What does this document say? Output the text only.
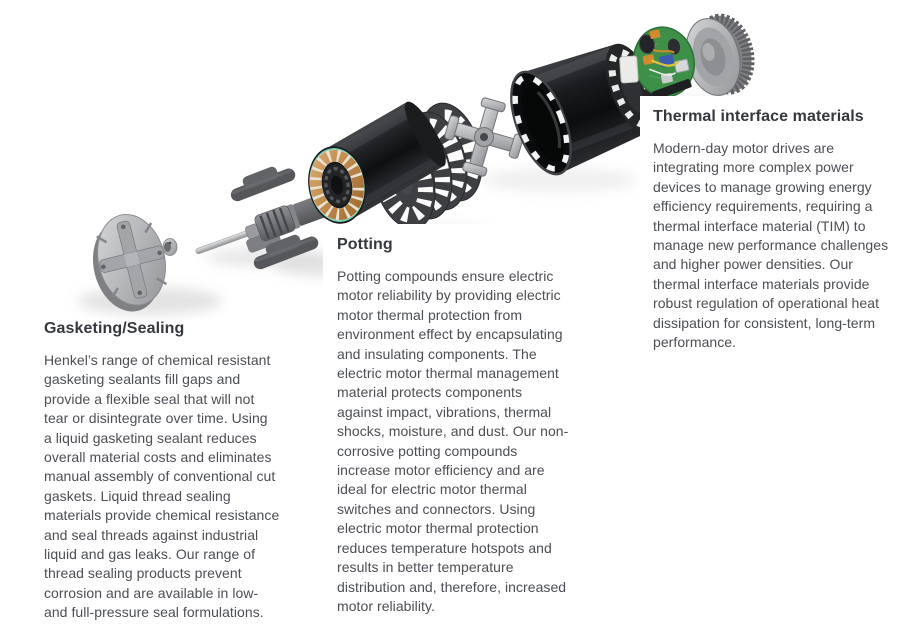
Gasketing/Sealing

Henkel’s range of chemical resistant
gasketing sealants fill gaps and
provide a flexible seal that will not
tear or disintegrate over time. Using
a liquid gasketing sealant reduces
overall material costs and eliminates
manual assembly of conventional cut
gaskets. Liquid thread sealing
materials provide chemical resistance
and seal threads against industrial
liquid and gas leaks. Our range of
thread sealing products prevent
corrosion and are available in low-
and full-pressure seal formulations.

Potting

Potting compounds ensure electric
motor reliability by providing electric
motor thermal protection from
environment effect by encapsulating
and insulating components. The
electric motor thermal management
material protects components
against impact, vibrations, thermal
shocks, moisture, and dust. Our non-
corrosive potting compounds
increase motor efficiency and are
ideal for electric motor thermal
switches and connectors. Using
electric motor thermal protection
reduces temperature hotspots and
results in better temperature
distribution and, therefore, increased
motor reliability.

Thermal interface materials

Modern-day motor drives are
integrating more complex power
devices to manage growing energy
efficiency requirements, requiring a
thermal interface material (TIM) to
manage new performance challenges
and higher power densities. Our
thermal interface materials provide
robust regulation of operational heat
dissipation for consistent, long-term
performance.
